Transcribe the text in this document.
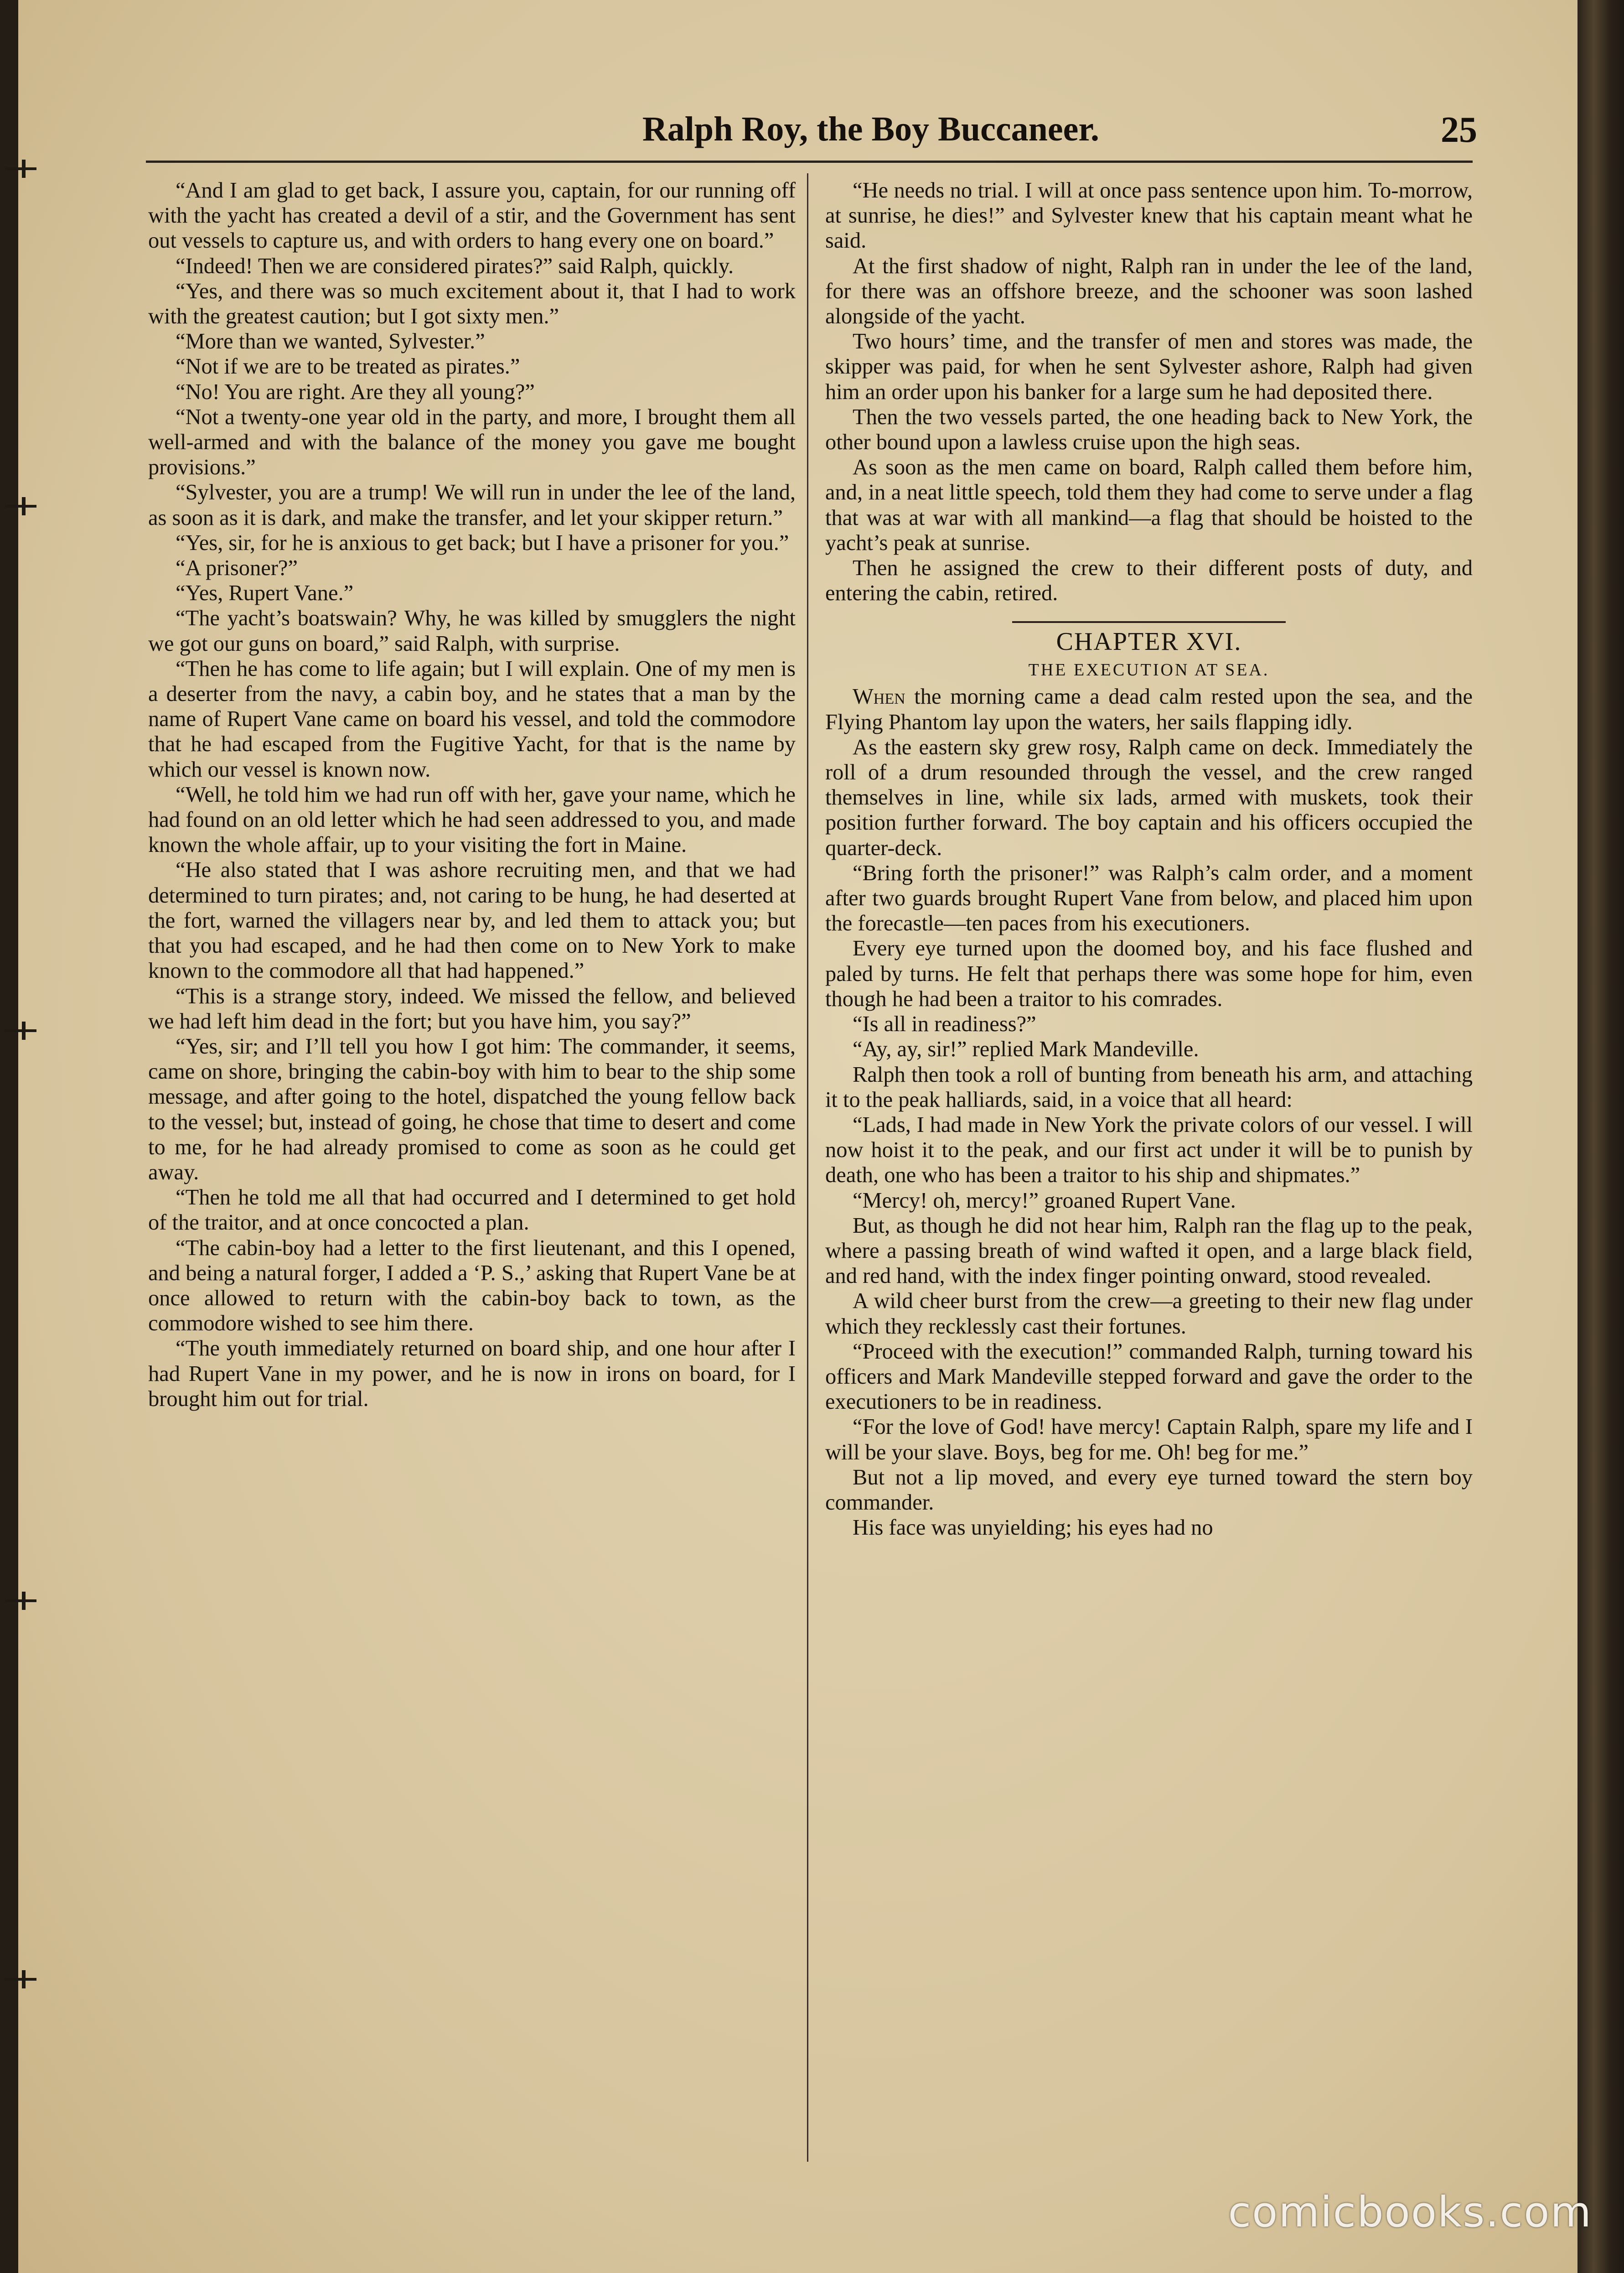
Ralph Roy, the Boy Buccaneer.	25

“And I am glad to get back, I assure you, captain, for our running off with the yacht has created a devil of a stir, and the Government has sent out vessels to capture us, and with orders to hang every one on board.”

“Indeed! Then we are considered pirates?” said Ralph, quickly.

“Yes, and there was so much excitement about it, that I had to work with the greatest caution; but I got sixty men.”

“More than we wanted, Sylvester.”

“Not if we are to be treated as pirates.”

“No! You are right. Are they all young?”

“Not a twenty-one year old in the party, and more, I brought them all well-armed and with the balance of the money you gave me bought provisions.”

“Sylvester, you are a trump! We will run in under the lee of the land, as soon as it is dark, and make the transfer, and let your skipper return.”

“Yes, sir, for he is anxious to get back; but I have a prisoner for you.”

“A prisoner?”

“Yes, Rupert Vane.”

“The yacht’s boatswain? Why, he was killed by smugglers the night we got our guns on board,” said Ralph, with surprise.

“Then he has come to life again; but I will explain. One of my men is a deserter from the navy, a cabin boy, and he states that a man by the name of Rupert Vane came on board his vessel, and told the commodore that he had escaped from the Fugitive Yacht, for that is the name by which our vessel is known now.

“Well, he told him we had run off with her, gave your name, which he had found on an old letter which he had seen addressed to you, and made known the whole affair, up to your visiting the fort in Maine.

“He also stated that I was ashore recruiting men, and that we had determined to turn pirates; and, not caring to be hung, he had deserted at the fort, warned the villagers near by, and led them to attack you; but that you had escaped, and he had then come on to New York to make known to the commodore all that had happened.”

“This is a strange story, indeed. We missed the fellow, and believed we had left him dead in the fort; but you have him, you say?”

“Yes, sir; and I’ll tell you how I got him: The commander, it seems, came on shore, bringing the cabin-boy with him to bear to the ship some message, and after going to the hotel, dispatched the young fellow back to the vessel; but, instead of going, he chose that time to desert and come to me, for he had already promised to come as soon as he could get away.

“Then he told me all that had occurred and I determined to get hold of the traitor, and at once concocted a plan.

“The cabin-boy had a letter to the first lieutenant, and this I opened, and being a natural forger, I added a ‘P. S.,’ asking that Rupert Vane be at once allowed to return with the cabin-boy back to town, as the commodore wished to see him there.

“The youth immediately returned on board ship, and one hour after I had Rupert Vane in my power, and he is now in irons on board, for I brought him out for trial.

“He needs no trial. I will at once pass sentence upon him. To-morrow, at sunrise, he dies!” and Sylvester knew that his captain meant what he said.

At the first shadow of night, Ralph ran in under the lee of the land, for there was an offshore breeze, and the schooner was soon lashed alongside of the yacht.

Two hours’ time, and the transfer of men and stores was made, the skipper was paid, for when he sent Sylvester ashore, Ralph had given him an order upon his banker for a large sum he had deposited there.

Then the two vessels parted, the one heading back to New York, the other bound upon a lawless cruise upon the high seas.

As soon as the men came on board, Ralph called them before him, and, in a neat little speech, told them they had come to serve under a flag that was at war with all mankind—a flag that should be hoisted to the yacht’s peak at sunrise.

Then he assigned the crew to their different posts of duty, and entering the cabin, retired.

CHAPTER XVI.
THE EXECUTION AT SEA.

When the morning came a dead calm rested upon the sea, and the Flying Phantom lay upon the waters, her sails flapping idly.

As the eastern sky grew rosy, Ralph came on deck. Immediately the roll of a drum resounded through the vessel, and the crew ranged themselves in line, while six lads, armed with muskets, took their position further forward. The boy captain and his officers occupied the quarter-deck.

“Bring forth the prisoner!” was Ralph’s calm order, and a moment after two guards brought Rupert Vane from below, and placed him upon the forecastle—ten paces from his executioners.

Every eye turned upon the doomed boy, and his face flushed and paled by turns. He felt that perhaps there was some hope for him, even though he had been a traitor to his comrades.

“Is all in readiness?”

“Ay, ay, sir!” replied Mark Mandeville.

Ralph then took a roll of bunting from beneath his arm, and attaching it to the peak halliards, said, in a voice that all heard:

“Lads, I had made in New York the private colors of our vessel. I will now hoist it to the peak, and our first act under it will be to punish by death, one who has been a traitor to his ship and shipmates.”

“Mercy! oh, mercy!” groaned Rupert Vane.

But, as though he did not hear him, Ralph ran the flag up to the peak, where a passing breath of wind wafted it open, and a large black field, and red hand, with the index finger pointing onward, stood revealed.

A wild cheer burst from the crew—a greeting to their new flag under which they recklessly cast their fortunes.

“Proceed with the execution!” commanded Ralph, turning toward his officers and Mark Mandeville stepped forward and gave the order to the executioners to be in readiness.

“For the love of God! have mercy! Captain Ralph, spare my life and I will be your slave. Boys, beg for me. Oh! beg for me.”

But not a lip moved, and every eye turned toward the stern boy commander.

His face was unyielding; his eyes had no

comicbooks.com
